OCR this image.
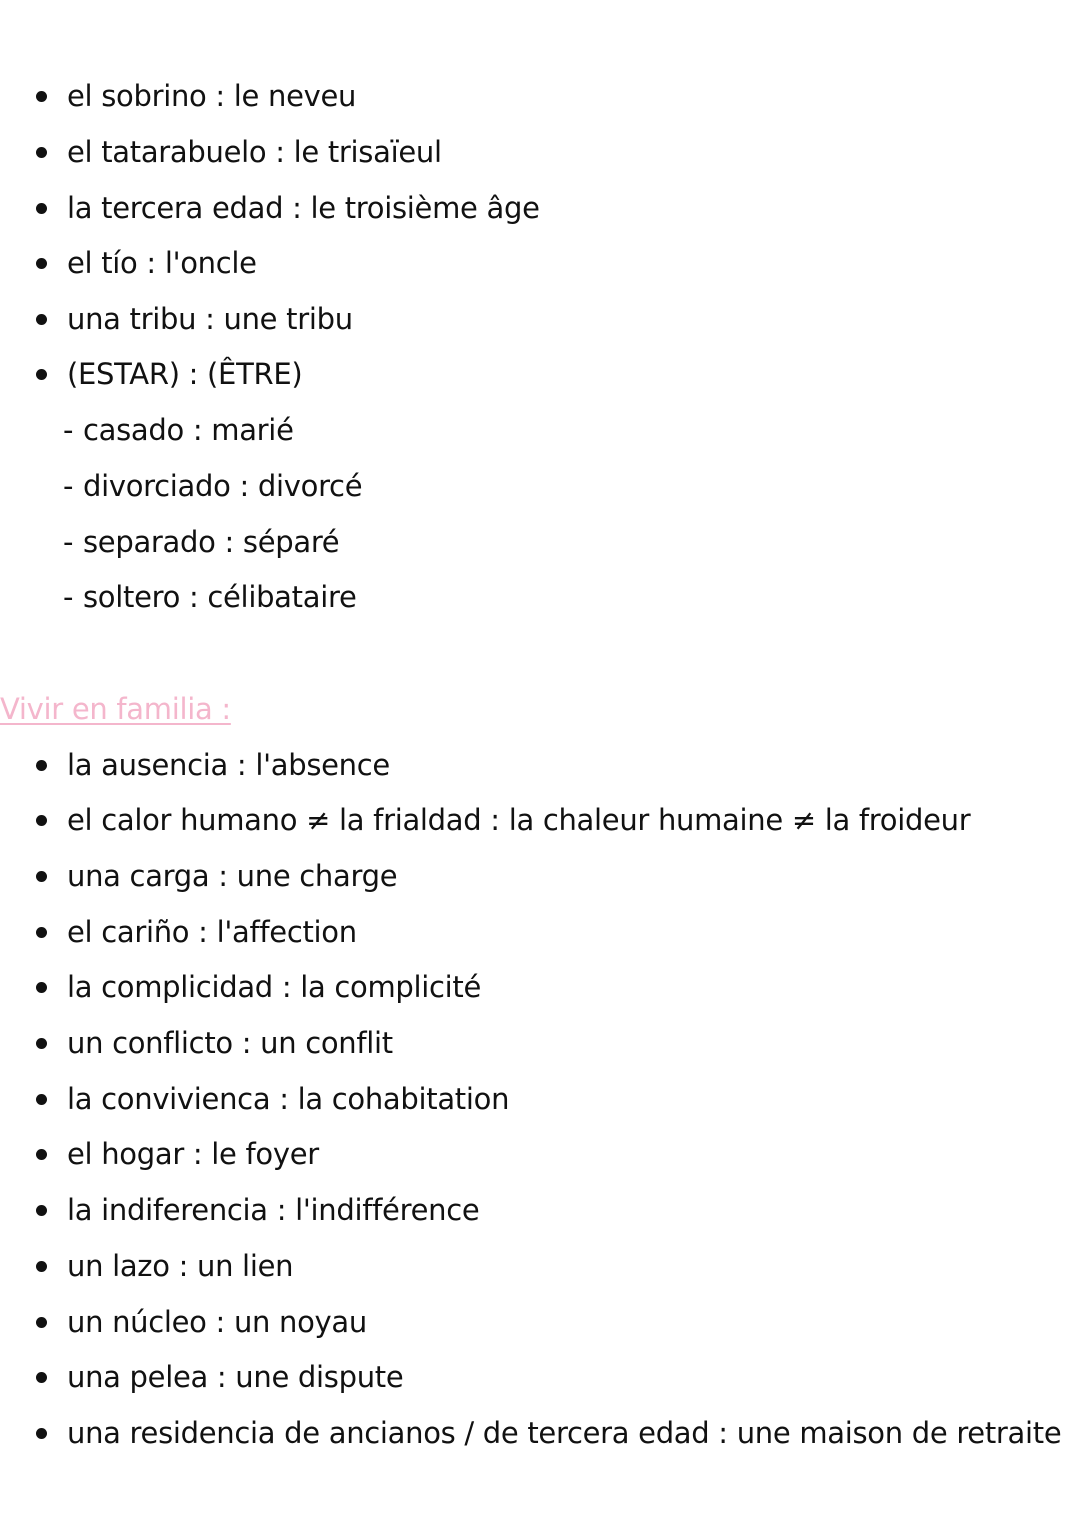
el sobrino : le neveu
el tatarabuelo : le trisaïeul
la tercera edad : le troisième âge
el tío : l'oncle
una tribu : une tribu
(ESTAR) : (ÊTRE)
- casado : marié
- divorciado : divorcé
- separado : séparé
- soltero : célibataire
Vivir en familia :
la ausencia : l'absence
el calor humano ≠ la frialdad : la chaleur humaine ≠ la froideur
una carga : une charge
el cariño : l'affection
la complicidad : la complicité
un conflicto : un conflit
la convivienca : la cohabitation
el hogar : le foyer
la indiferencia : l'indifférence
un lazo : un lien
un núcleo : un noyau
una pelea : une dispute
una residencia de ancianos / de tercera edad : une maison de retraite
